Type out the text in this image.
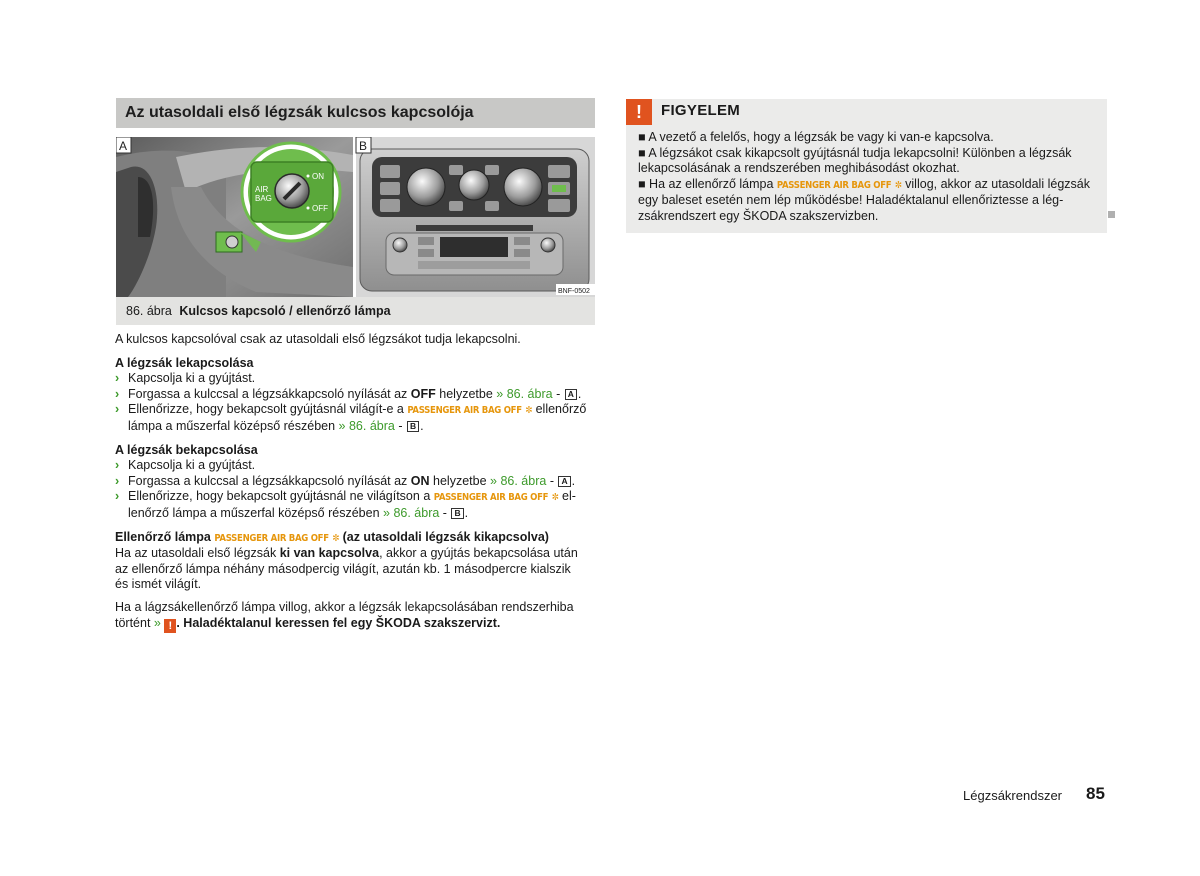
Az utasoldali első légzsák kulcsos kapcsolója
AIR
BAG
ON
OFF
A	B
BNF-0502
86. ábra Kulcsos kapcsoló / ellenőrző lámpa

A kulcsos kapcsolóval csak az utasoldali első légzsákot tudja lekapcsolni.

A légzsák lekapcsolása
› Kapcsolja ki a gyújtást.
› Forgassa a kulccsal a légzsákkapcsoló nyílását az OFF helyzetbe » 86. ábra - A .
› Ellenőrizze, hogy bekapcsolt gyújtásnál világít-e a PASSENGER AIR BAG OFF ✼ ellenőrző lámpa a műszerfal középső részében » 86. ábra - B .
A légzsák bekapcsolása
› Kapcsolja ki a gyújtást.
› Forgassa a kulccsal a légzsákkapcsoló nyílását az ON helyzetbe » 86. ábra - A .
› Ellenőrizze, hogy bekapcsolt gyújtásnál ne világítson a PASSENGER AIR BAG OFF ✼ el-
lenőrző lámpa a műszerfal középső részében » 86. ábra - B .
Ellenőrző lámpa PASSENGER AIR BAG OFF ✼ (az utasoldali légzsák kikapcsolva)

Ha az utasoldali első légzsák ki van kapcsolva, akkor a gyújtás bekapcsolása után
az ellenőrző lámpa néhány másodpercig világít, azután kb. 1 másodpercre kialszik
és ismét világít.

Ha a lágzsákellenőrző lámpa villog, akkor a légzsák lekapcsolásában rendszerhiba
történt » ! . Haladéktalanul keressen fel egy ŠKODA szakszervizt.

!	FIGYELEM
■ A vezető a felelős, hogy a légzsák be vagy ki van-e kapcsolva.
■ A légzsákot csak kikapcsolt gyújtásnál tudja lekapcsolni! Különben a légzsák
lekapcsolásának a rendszerében meghibásodást okozhat.
■ Ha az ellenőrző lámpa PASSENGER AIR BAG OFF ✼ villog, akkor az utasoldali légzsák
egy baleset esetén nem lép működésbe! Haladéktalanul ellenőriztesse a lég-
zsákrendszert egy ŠKODA szakszervizben.
Légzsákrendszer 85
